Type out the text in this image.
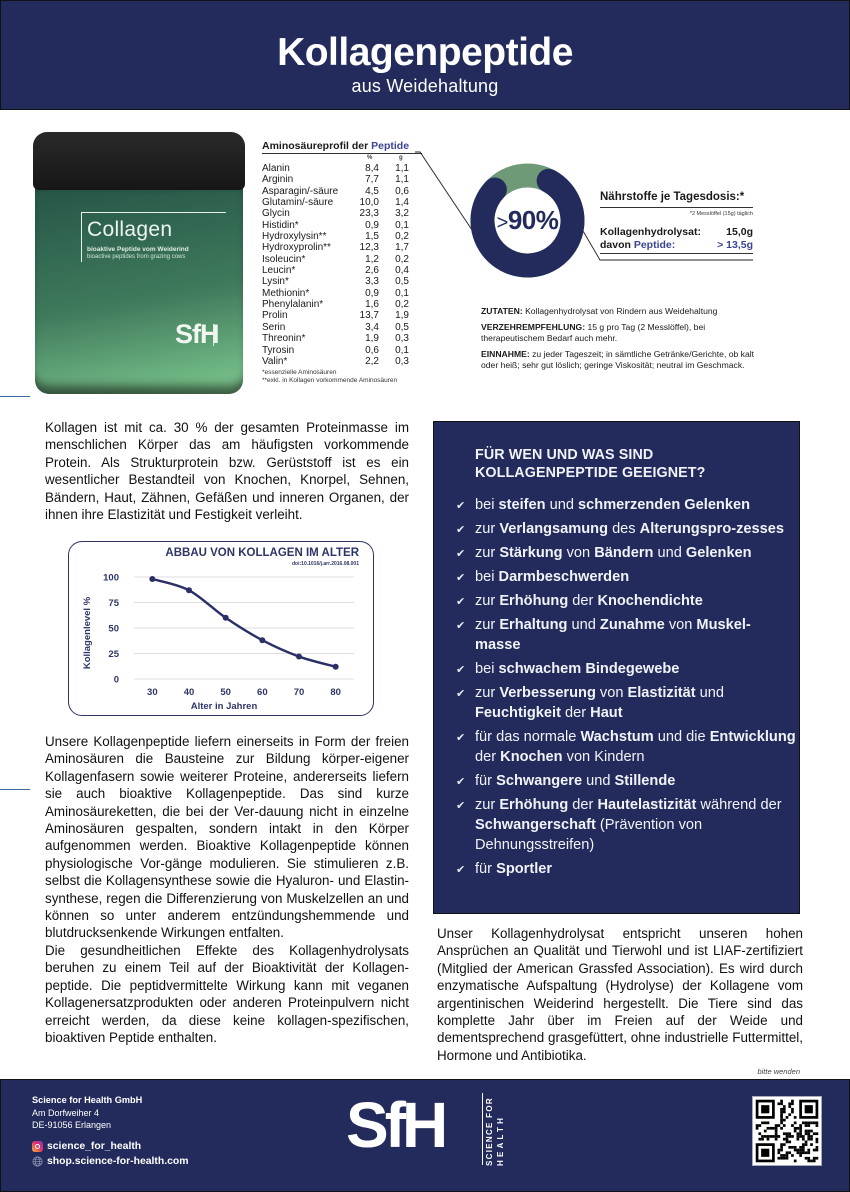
Kollagenpeptide
aus Weidehaltung
Collagen
bioaktive Peptide vom Weiderind
bioactive peptides from grazing cows
SfH
Aminosäureprofil der Peptide
%	g
Alanin	8,4	1,1
Arginin	7,7	1,1
Asparagin/-säure	4,5	0,6
Glutamin/-säure	10,0	1,4
Glycin	23,3	3,2
Histidin*	0,9	0,1
Hydroxylysin**	1,5	0,2
Hydroxyprolin**	12,3	1,7
Isoleucin*	1,2	0,2
Leucin*	2,6	0,4
Lysin*	3,3	0,5
Methionin*	0,9	0,1
Phenylalanin*	1,6	0,2
Prolin	13,7	1,9
Serin	3,4	0,5
Threonin*	1,9	0,3
Tyrosin	0,6	0,1
Valin*	2,2	0,3
*essenzielle Aminosäuren
**exkl. in Kollagen vorkommende Aminosäuren
>90%
Nährstoffe je Tagesdosis:*
*2 Messlöffel (15g) täglich
Kollagenhydrolysat: 15,0g
davon Peptide:	> 13,5g

ZUTATEN: Kollagenhydrolysat von Rindern aus Weidehaltung

VERZEHREMPFEHLUNG: 15 g pro Tag (2 Messlöffel), bei therapeutischem Bedarf auch mehr.

EINNAHME: zu jeder Tageszeit; in sämtliche Getränke/Gerichte, ob kalt oder heiß; sehr gut löslich; geringe Viskosität; neutral im Geschmack.

Kollagen ist mit ca. 30 % der gesamten Proteinmasse im menschlichen Körper das am häufigsten vorkommende Protein. Als Strukturprotein bzw. Gerüststoff ist es ein wesentlicher Bestandteil von Knochen, Knorpel, Sehnen, Bändern, Haut, Zähnen, Gefäßen und inneren Organen, der ihnen ihre Elastizität und Festigkeit verleiht.
ABBAU VON KOLLAGEN IM ALTER
doi:10.1016/j.arr.2016.08.001
Kollagenlevel %
Alter in Jahren
0
25
50
75
100
30	40	50	60	70	80

Unsere Kollagenpeptide liefern einerseits in Form der freien Aminosäuren die Bausteine zur Bildung körper-eigener Kollagenfasern sowie weiterer Proteine, andererseits liefern sie auch bioaktive Kollagenpeptide. Das sind kurze Aminosäureketten, die bei der Ver-dauung nicht in einzelne Aminosäuren gespalten, sondern intakt in den Körper aufgenommen werden. Bioaktive Kollagenpeptide können physiologische Vor-gänge modulieren. Sie stimulieren z.B. selbst die Kollagensynthese sowie die Hyaluron- und Elastin-synthese, regen die Differenzierung von Muskelzellen an und können so unter anderem entzündungshemmende und blutdrucksenkende Wirkungen entfalten.

Die gesundheitlichen Effekte des Kollagenhydrolysats beruhen zu einem Teil auf der Bioaktivität der Kollagen-peptide. Die peptidvermittelte Wirkung kann mit veganen Kollagenersatzprodukten oder anderen Proteinpulvern nicht erreicht werden, da diese keine kollagen-spezifischen, bioaktiven Peptide enthalten.

FÜR WEN UND WAS SIND
KOLLAGENPEPTIDE GEEIGNET?
✔ bei steifen und schmerzenden Gelenken
✔ zur Verlangsamung des Alterungspro-zesses
✔ zur Stärkung von Bändern und Gelenken
✔ bei Darmbeschwerden
✔ zur Erhöhung der Knochendichte
✔ zur Erhaltung und Zunahme von Muskel-masse
✔ bei schwachem Bindegewebe
✔ zur Verbesserung von Elastizität und Feuchtigkeit der Haut
✔ für das normale Wachstum und die Entwicklung der Knochen von Kindern
✔ für Schwangere und Stillende
✔ zur Erhöhung der Hautelastizität während der Schwangerschaft (Prävention von Dehnungsstreifen)
✔ für Sportler
Unser Kollagenhydrolysat entspricht unseren hohen Ansprüchen an Qualität und Tierwohl und ist LIAF-zertifiziert (Mitglied der American Grassfed Association). Es wird durch enzymatische Aufspaltung (Hydrolyse) der Kollagene vom argentinischen Weiderind hergestellt. Die Tiere sind das komplette Jahr über im Freien auf der Weide und dementsprechend grasgefüttert, ohne industrielle Futtermittel, Hormone und Antibiotika.
bitte wenden
Science for Health GmbH
Am Dorfweiher 4
DE-91056 Erlangen
science_for_health
shop.science-for-health.com
SfH	SCIENCE FOR HEALTH
